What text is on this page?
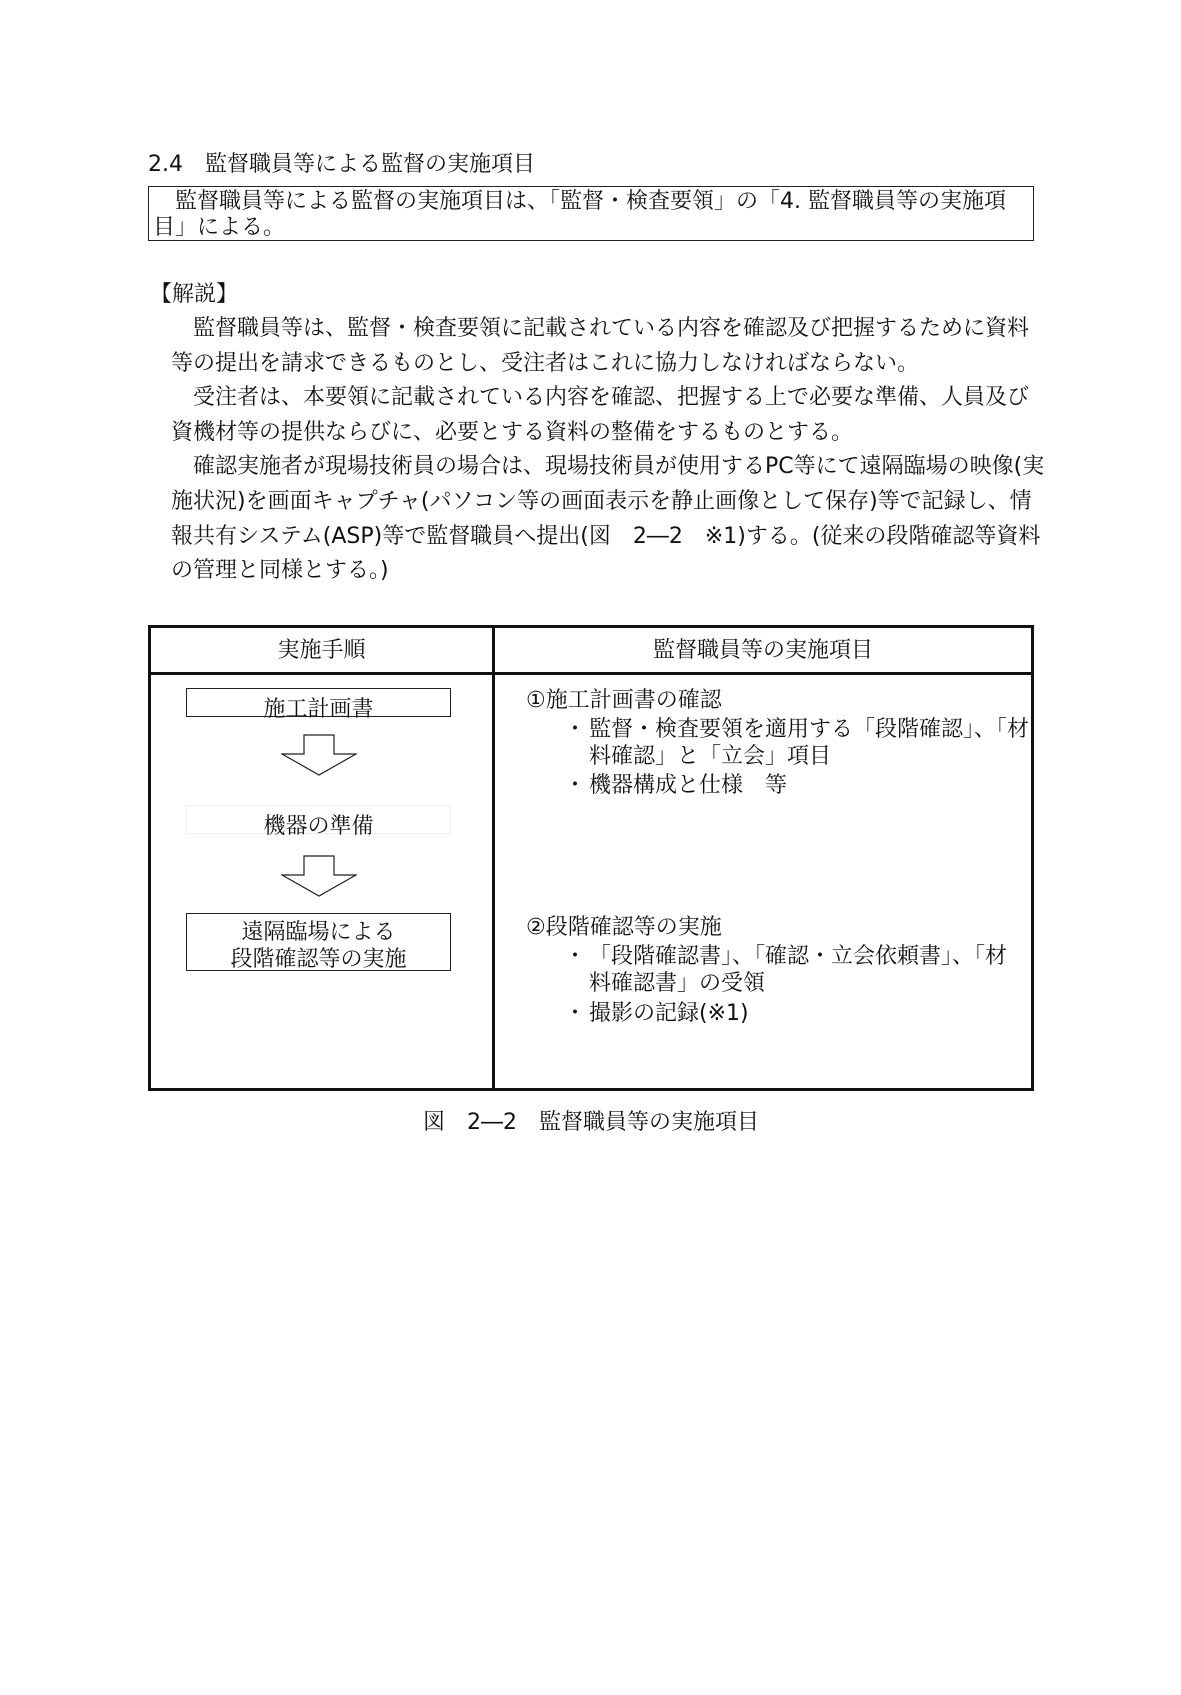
2.4　監督職員等による監督の実施項目
　監督職員等による監督の実施項目は、「監督・検査要領」の「4. 監督職員等の実施項
目」による。
【解説】
　監督職員等は、監督・検査要領に記載されている内容を確認及び把握するために資料
等の提出を請求できるものとし、受注者はこれに協力しなければならない。
　受注者は、本要領に記載されている内容を確認、把握する上で必要な準備、人員及び
資機材等の提供ならびに、必要とする資料の整備をするものとする。
　確認実施者が現場技術員の場合は、現場技術員が使用するPC等にて遠隔臨場の映像(実
施状況)を画面キャプチャ(パソコン等の画面表示を静止画像として保存)等で記録し、情
報共有システム(ASP)等で監督職員へ提出(図　2―2　※1)する。(従来の段階確認等資料
の管理と同様とする。)
実施手順	監督職員等の実施項目
施工計画書
機器の準備
遠隔臨場による
段階確認等の実施
①施工計画書の確認
・ 監督・検査要領を適用する「段階確認」、「材
料確認」と「立会」項目
・ 機器構成と仕様　等
②段階確認等の実施
・ 「段階確認書」、「確認・立会依頼書」、「材
料確認書」の受領
・ 撮影の記録(※1)
図　2―2　監督職員等の実施項目
